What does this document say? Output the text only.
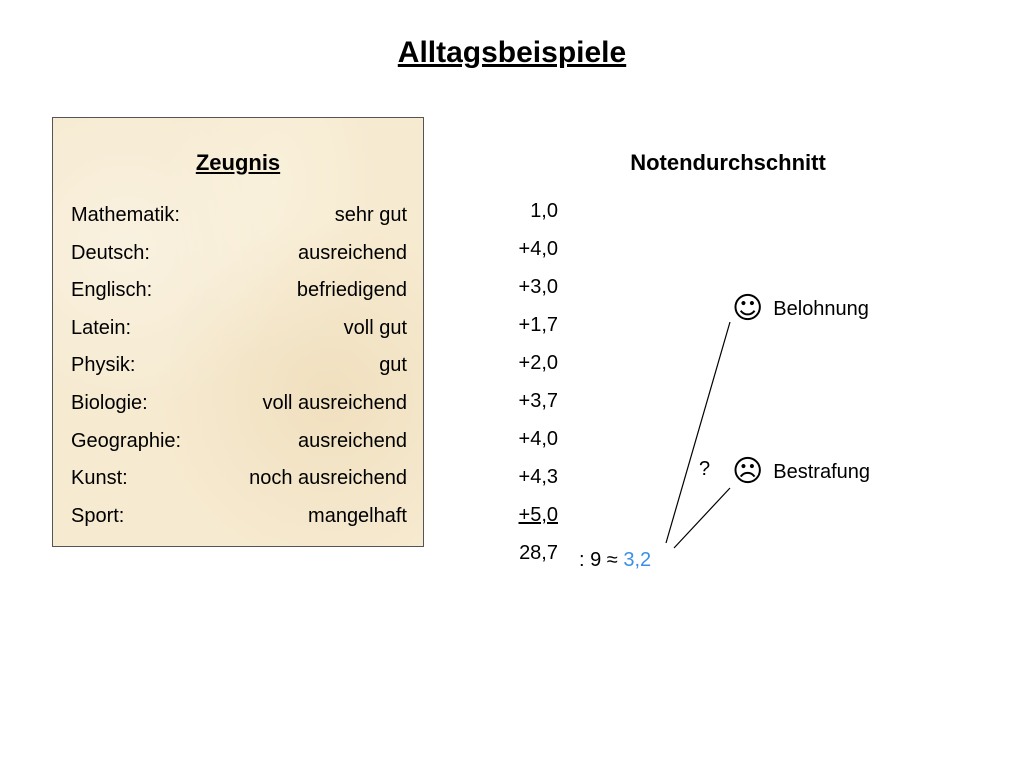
Alltagsbeispiele
Zeugnis
Mathematik:	sehr gut
Deutsch:	ausreichend
Englisch:	befriedigend
Latein:	voll gut
Physik:	gut
Biologie:	voll ausreichend
Geographie:	ausreichend
Kunst:	noch ausreichend
Sport:	mangelhaft
Notendurchschnitt
1,0
+4,0
+3,0
+1,7
+2,0
+3,7
+4,0
+4,3
+5,0
28,7 : 9 ≈ 3,2
?
☺ Belohnung
☹ Bestrafung
